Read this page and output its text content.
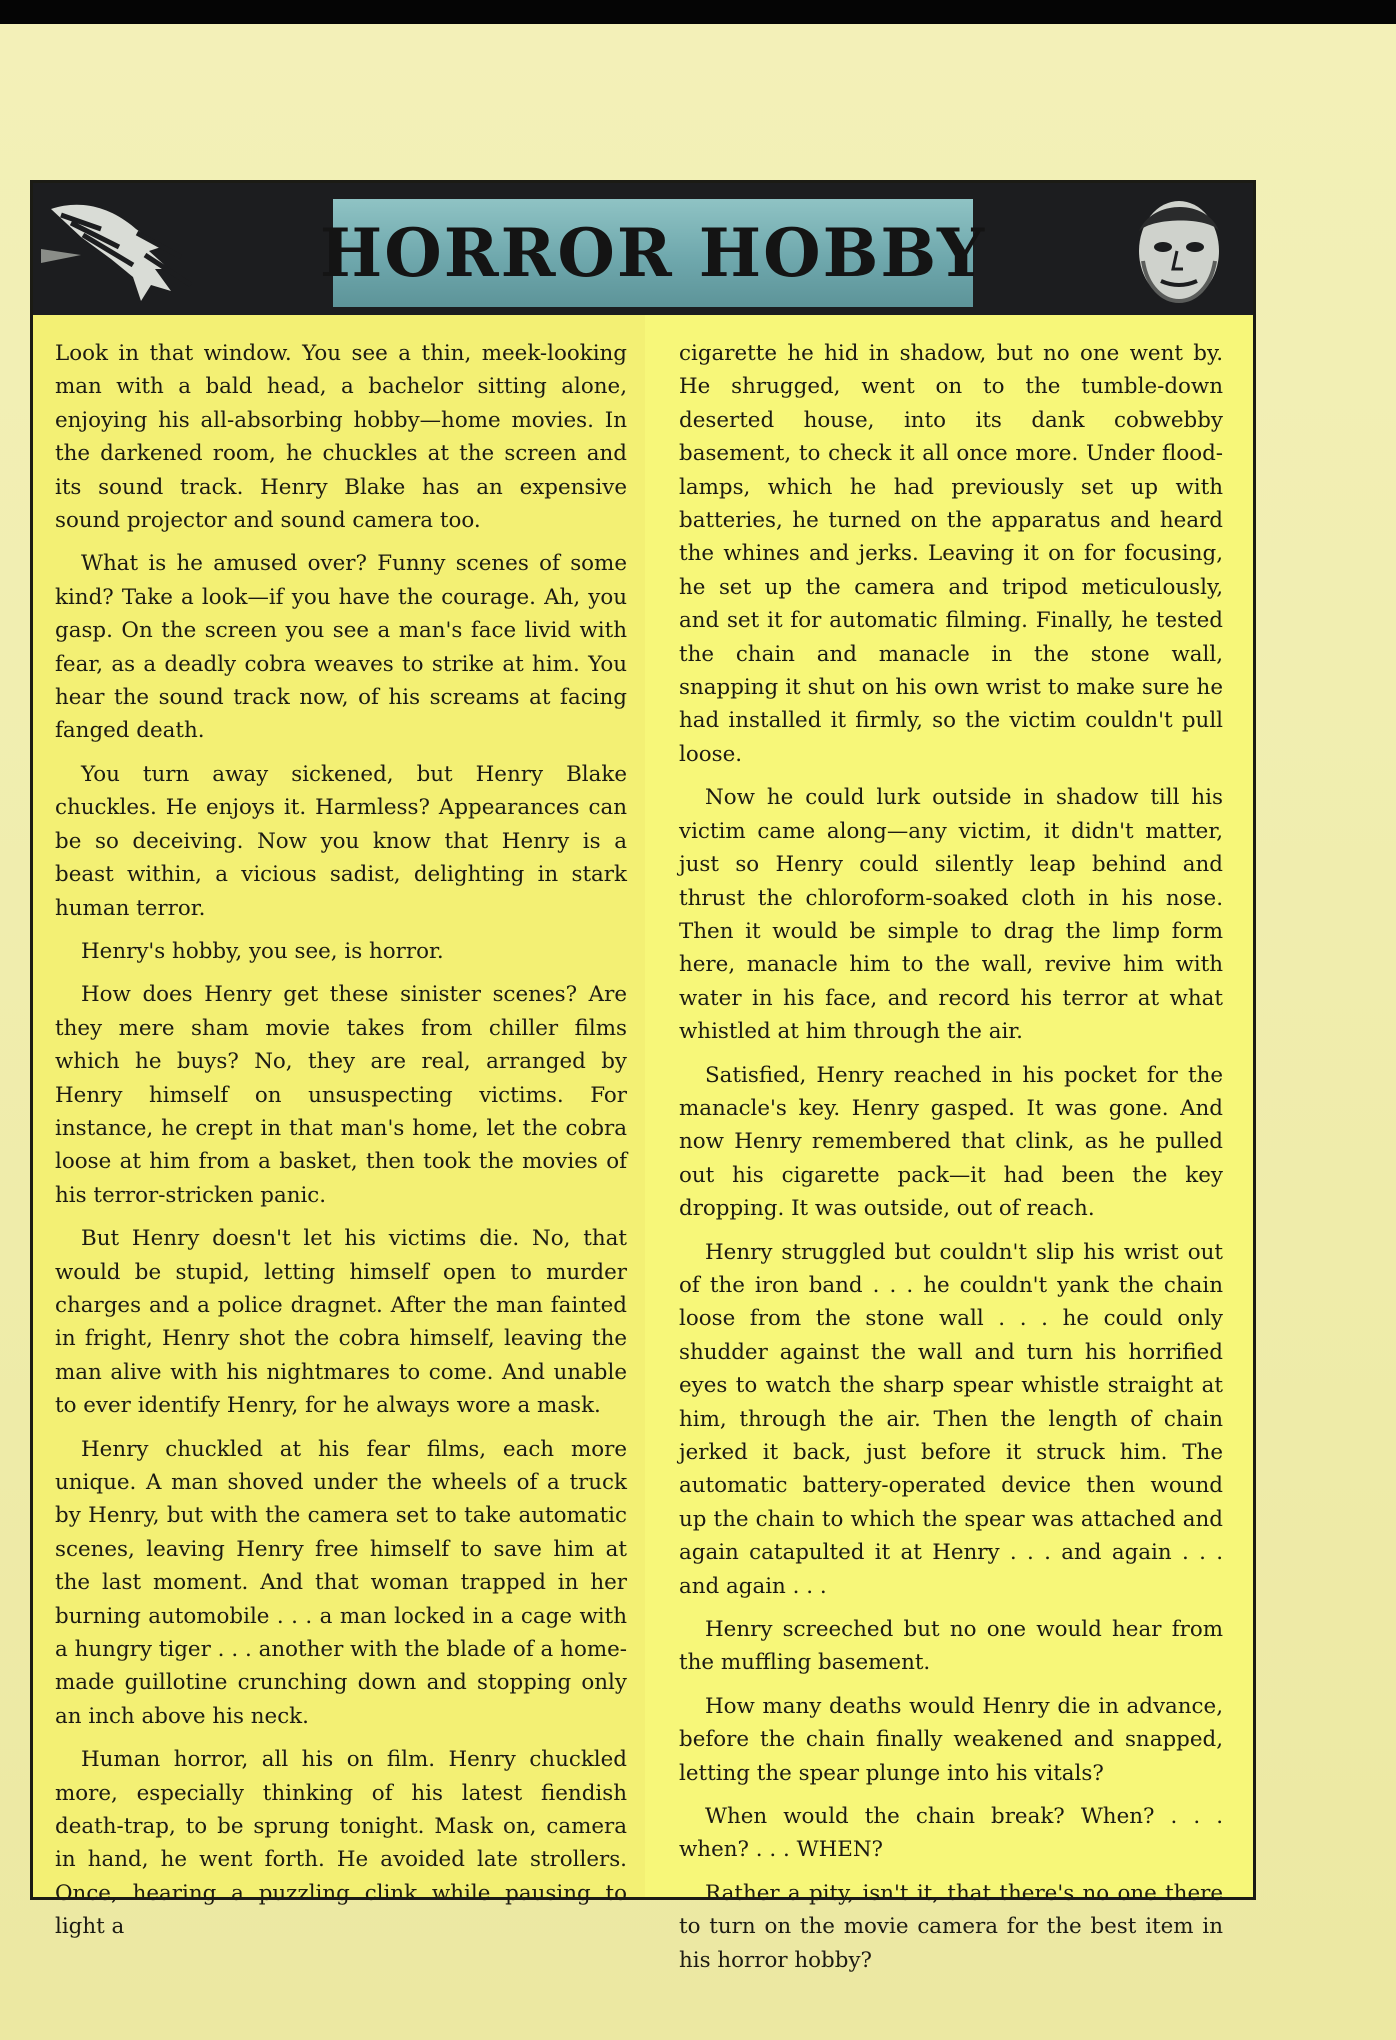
HORROR HOBBY

Look in that window. You see a thin, meek-looking man with a bald head, a bachelor sitting alone, enjoying his all-absorbing hobby—home movies. In the darkened room, he chuckles at the screen and its sound track. Henry Blake has an expensive sound projector and sound camera too.

What is he amused over? Funny scenes of some kind? Take a look—if you have the courage. Ah, you gasp. On the screen you see a man's face livid with fear, as a deadly cobra weaves to strike at him. You hear the sound track now, of his screams at facing fanged death.

You turn away sickened, but Henry Blake chuckles. He enjoys it. Harmless? Appearances can be so deceiving. Now you know that Henry is a beast within, a vicious sadist, delighting in stark human terror.

Henry's hobby, you see, is horror.

How does Henry get these sinister scenes? Are they mere sham movie takes from chiller films which he buys? No, they are real, arranged by Henry himself on unsuspecting victims. For instance, he crept in that man's home, let the cobra loose at him from a basket, then took the movies of his terror-stricken panic.

But Henry doesn't let his victims die. No, that would be stupid, letting himself open to murder charges and a police dragnet. After the man fainted in fright, Henry shot the cobra himself, leaving the man alive with his nightmares to come. And unable to ever identify Henry, for he always wore a mask.

Henry chuckled at his fear films, each more unique. A man shoved under the wheels of a truck by Henry, but with the camera set to take automatic scenes, leaving Henry free himself to save him at the last moment. And that woman trapped in her burning automobile . . . a man locked in a cage with a hungry tiger . . . another with the blade of a home-made guillotine crunching down and stopping only an inch above his neck.

Human horror, all his on film. Henry chuckled more, especially thinking of his latest fiendish death-trap, to be sprung tonight. Mask on, camera in hand, he went forth. He avoided late strollers. Once, hearing a puzzling clink while pausing to light a

cigarette he hid in shadow, but no one went by. He shrugged, went on to the tumble-down deserted house, into its dank cobwebby basement, to check it all once more. Under flood-lamps, which he had previously set up with batteries, he turned on the apparatus and heard the whines and jerks. Leaving it on for focusing, he set up the camera and tripod meticulously, and set it for automatic filming. Finally, he tested the chain and manacle in the stone wall, snapping it shut on his own wrist to make sure he had installed it firmly, so the victim couldn't pull loose.

Now he could lurk outside in shadow till his victim came along—any victim, it didn't matter, just so Henry could silently leap behind and thrust the chloroform-soaked cloth in his nose. Then it would be simple to drag the limp form here, manacle him to the wall, revive him with water in his face, and record his terror at what whistled at him through the air.

Satisfied, Henry reached in his pocket for the manacle's key. Henry gasped. It was gone. And now Henry remembered that clink, as he pulled out his cigarette pack—it had been the key dropping. It was outside, out of reach.

Henry struggled but couldn't slip his wrist out of the iron band . . . he couldn't yank the chain loose from the stone wall . . . he could only shudder against the wall and turn his horrified eyes to watch the sharp spear whistle straight at him, through the air. Then the length of chain jerked it back, just before it struck him. The automatic battery-operated device then wound up the chain to which the spear was attached and again catapulted it at Henry . . . and again . . . and again . . .

Henry screeched but no one would hear from the muffling basement.

How many deaths would Henry die in advance, before the chain finally weakened and snapped, letting the spear plunge into his vitals?

When would the chain break? When? . . . when? . . . WHEN?

Rather a pity, isn't it, that there's no one there to turn on the movie camera for the best item in his horror hobby?
